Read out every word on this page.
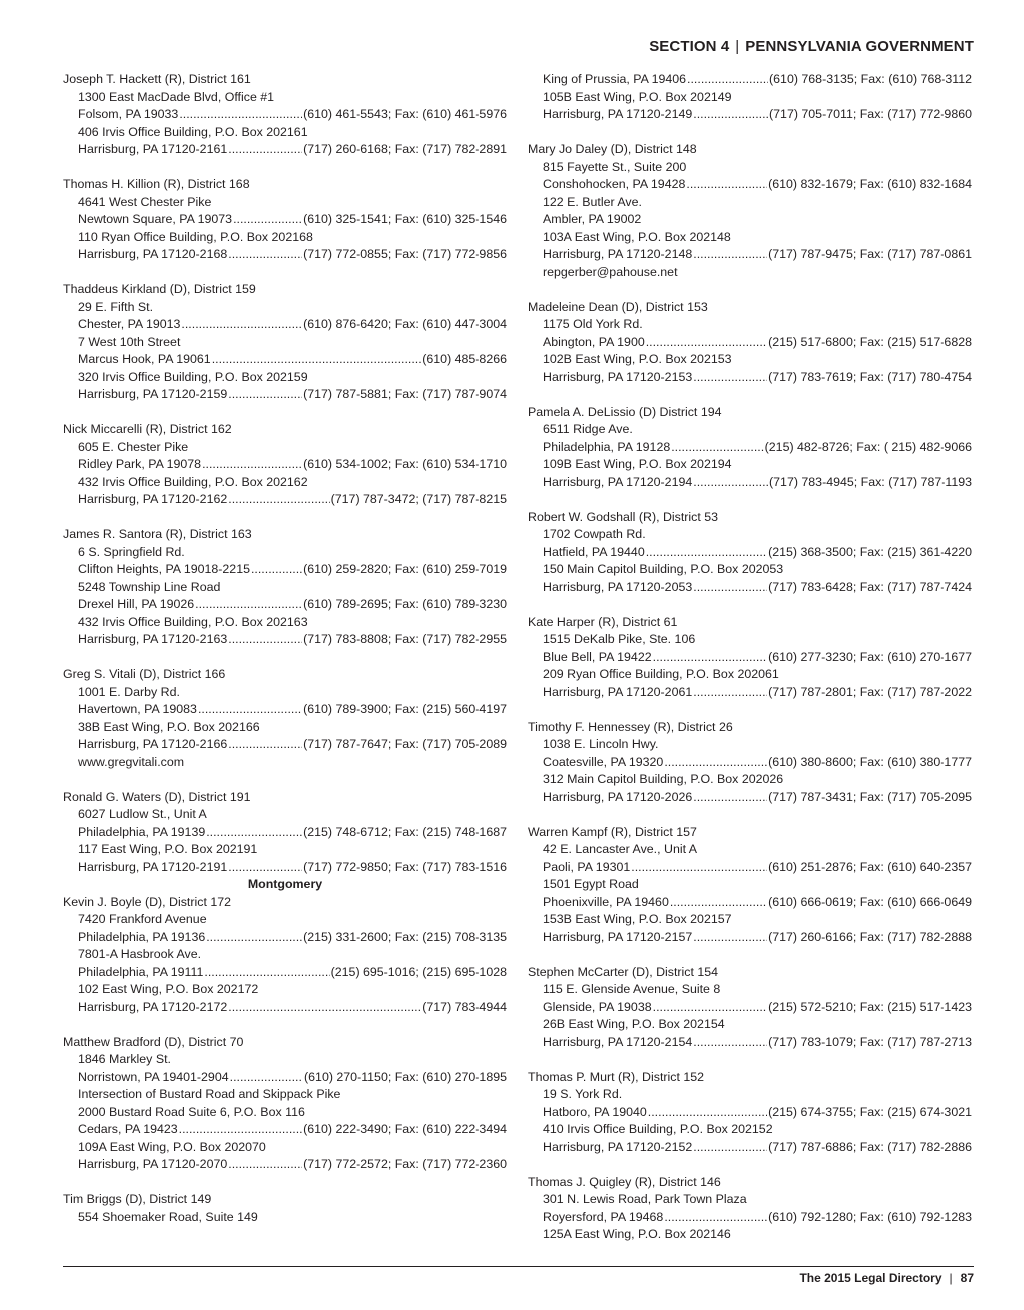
SECTION 4 | PENNSYLVANIA GOVERNMENT
Joseph T. Hackett (R), District 161
1300 East MacDade Blvd, Office #1
Folsom, PA 19033 .....	(610) 461-5543; Fax: (610) 461-5976
406 Irvis Office Building, P.O. Box 202161
Harrisburg, PA 17120-2161 .....	(717) 260-6168; Fax: (717) 782-2891
Thomas H. Killion (R), District 168
4641 West Chester Pike
Newtown Square, PA 19073 .....	(610) 325-1541; Fax: (610) 325-1546
110 Ryan Office Building, P.O. Box 202168
Harrisburg, PA 17120-2168 .....	(717) 772-0855; Fax: (717) 772-9856
Thaddeus Kirkland (D), District 159
29 E. Fifth St.
Chester, PA 19013 .....	(610) 876-6420; Fax: (610) 447-3004
7 West 10th Street
Marcus Hook, PA 19061 .....	(610) 485-8266
320 Irvis Office Building, P.O. Box 202159
Harrisburg, PA 17120-2159 .....	(717) 787-5881; Fax: (717) 787-9074
Nick Miccarelli (R), District 162
605 E. Chester Pike
Ridley Park, PA 19078 .....	(610) 534-1002; Fax: (610) 534-1710
432 Irvis Office Building, P.O. Box 202162
Harrisburg, PA 17120-2162 .....	(717) 787-3472; (717) 787-8215
James R. Santora (R), District 163
6 S. Springfield Rd.
Clifton Heights, PA 19018-2215 .....	(610) 259-2820; Fax: (610) 259-7019
5248 Township Line Road
Drexel Hill, PA 19026 .....	(610) 789-2695; Fax: (610) 789-3230
432 Irvis Office Building, P.O. Box 202163
Harrisburg, PA 17120-2163 .....	(717) 783-8808; Fax: (717) 782-2955
Greg S. Vitali (D), District 166
1001 E. Darby Rd.
Havertown, PA 19083 .....	(610) 789-3900; Fax: (215) 560-4197
38B East Wing, P.O. Box 202166
Harrisburg, PA 17120-2166 .....	(717) 787-7647; Fax: (717) 705-2089
www.gregvitali.com
Ronald G. Waters (D), District 191
6027 Ludlow St., Unit A
Philadelphia, PA 19139 .....	(215) 748-6712; Fax: (215) 748-1687
117 East Wing, P.O. Box 202191
Harrisburg, PA 17120-2191 .....	(717) 772-9850; Fax: (717) 783-1516
Montgomery
Kevin J. Boyle (D), District 172
7420 Frankford Avenue
Philadelphia, PA 19136 .....	(215) 331-2600; Fax: (215) 708-3135
7801-A Hasbrook Ave.
Philadelphia, PA 19111 .....	(215) 695-1016; (215) 695-1028
102 East Wing, P.O. Box 202172
Harrisburg, PA 17120-2172 .....	(717) 783-4944
Matthew Bradford (D), District 70
1846 Markley St.
Norristown, PA 19401-2904 .....	(610) 270-1150; Fax: (610) 270-1895
Intersection of Bustard Road and Skippack Pike
2000 Bustard Road Suite 6, P.O. Box 116
Cedars, PA 19423 .....	(610) 222-3490; Fax: (610) 222-3494
109A East Wing, P.O. Box 202070
Harrisburg, PA 17120-2070 .....	(717) 772-2572; Fax: (717) 772-2360
Tim Briggs (D), District 149
554 Shoemaker Road, Suite 149
King of Prussia, PA 19406 .....	(610) 768-3135; Fax: (610) 768-3112
105B East Wing, P.O. Box 202149
Harrisburg, PA 17120-2149 .....	(717) 705-7011; Fax: (717) 772-9860
Mary Jo Daley (D), District 148
815 Fayette St., Suite 200
Conshohocken, PA 19428 .....	(610) 832-1679; Fax: (610) 832-1684
122 E. Butler Ave.
Ambler, PA 19002
103A East Wing, P.O. Box 202148
Harrisburg, PA 17120-2148 .....	(717) 787-9475; Fax: (717) 787-0861
repgerber@pahouse.net
Madeleine Dean (D), District 153
1175 Old York Rd.
Abington, PA 1900 .....	(215) 517-6800; Fax: (215) 517-6828
102B East Wing, P.O. Box 202153
Harrisburg, PA 17120-2153 .....	(717) 783-7619; Fax: (717) 780-4754
Pamela A. DeLissio (D) District 194
6511 Ridge Ave.
Philadelphia, PA 19128 .....	(215) 482-8726; Fax: ( 215) 482-9066
109B East Wing, P.O. Box 202194
Harrisburg, PA 17120-2194 .....	(717) 783-4945; Fax: (717) 787-1193
Robert W. Godshall (R), District 53
1702 Cowpath Rd.
Hatfield, PA 19440 .....	(215) 368-3500; Fax: (215) 361-4220
150 Main Capitol Building, P.O. Box 202053
Harrisburg, PA 17120-2053 .....	(717) 783-6428; Fax: (717) 787-7424
Kate Harper (R), District 61
1515 DeKalb Pike, Ste. 106
Blue Bell, PA 19422 .....	(610) 277-3230; Fax: (610) 270-1677
209 Ryan Office Building, P.O. Box 202061
Harrisburg, PA 17120-2061 .....	(717) 787-2801; Fax: (717) 787-2022
Timothy F. Hennessey (R), District 26
1038 E. Lincoln Hwy.
Coatesville, PA 19320 .....	(610) 380-8600; Fax: (610) 380-1777
312 Main Capitol Building, P.O. Box 202026
Harrisburg, PA 17120-2026 .....	(717) 787-3431; Fax: (717) 705-2095
Warren Kampf (R), District 157
42 E. Lancaster Ave., Unit A
Paoli, PA 19301 .....	(610) 251-2876; Fax: (610) 640-2357
1501 Egypt Road
Phoenixville, PA 19460 .....	(610) 666-0619; Fax: (610) 666-0649
153B East Wing, P.O. Box 202157
Harrisburg, PA 17120-2157 .....	(717) 260-6166; Fax: (717) 782-2888
Stephen McCarter (D), District 154
115 E. Glenside Avenue, Suite 8
Glenside, PA 19038 .....	(215) 572-5210; Fax: (215) 517-1423
26B East Wing, P.O. Box 202154
Harrisburg, PA 17120-2154 .....	(717) 783-1079; Fax: (717) 787-2713
Thomas P. Murt (R), District 152
19 S. York Rd.
Hatboro, PA 19040 .....	(215) 674-3755; Fax: (215) 674-3021
410 Irvis Office Building, P.O. Box 202152
Harrisburg, PA 17120-2152 .....	(717) 787-6886; Fax: (717) 782-2886
Thomas J. Quigley (R), District 146
301 N. Lewis Road, Park Town Plaza
Royersford, PA 19468 .....	(610) 792-1280; Fax: (610) 792-1283
125A East Wing, P.O. Box 202146
The 2015 Legal Directory | 87
